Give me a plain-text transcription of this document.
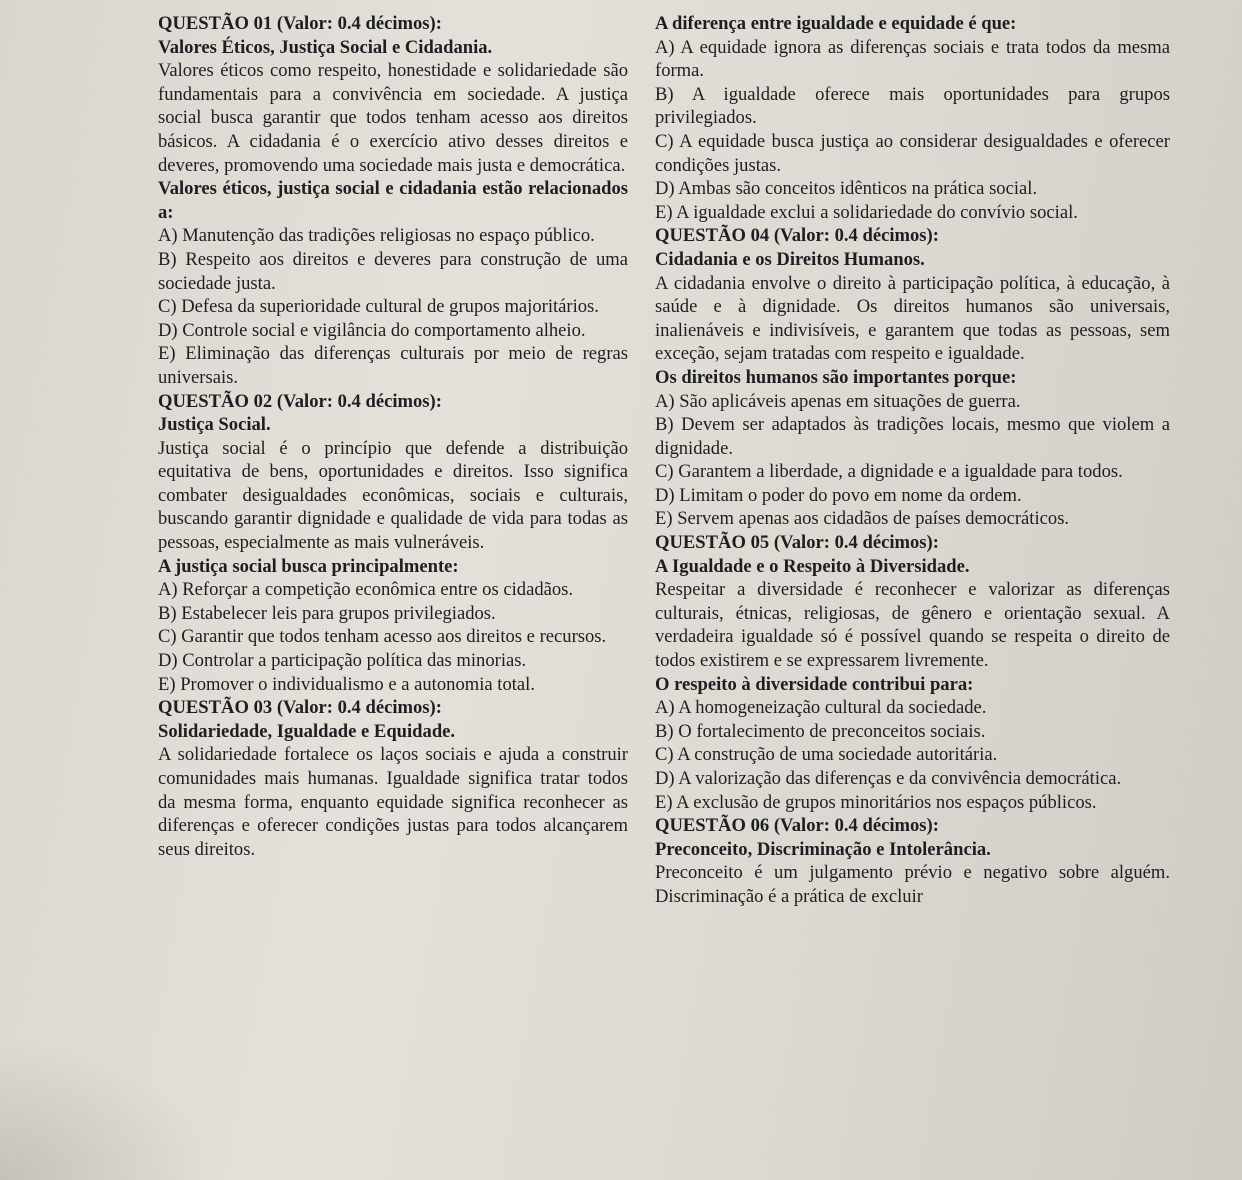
QUESTÃO 01 (Valor: 0.4 décimos):

Valores Éticos, Justiça Social e Cidadania.

Valores éticos como respeito, honestidade e solidariedade são fundamentais para a convivência em sociedade. A justiça social busca garantir que todos tenham acesso aos direitos básicos. A cidadania é o exercício ativo desses direitos e deveres, promovendo uma sociedade mais justa e democrática.

Valores éticos, justiça social e cidadania estão relacionados a:

A) Manutenção das tradições religiosas no espaço público.

B) Respeito aos direitos e deveres para construção de uma sociedade justa.

C) Defesa da superioridade cultural de grupos majoritários.

D) Controle social e vigilância do comportamento alheio.

E) Eliminação das diferenças culturais por meio de regras universais.

QUESTÃO 02 (Valor: 0.4 décimos):

Justiça Social.

Justiça social é o princípio que defende a distribuição equitativa de bens, oportunidades e direitos. Isso significa combater desigualdades econômicas, sociais e culturais, buscando garantir dignidade e qualidade de vida para todas as pessoas, especialmente as mais vulneráveis.

A justiça social busca principalmente:

A) Reforçar a competição econômica entre os cidadãos.

B) Estabelecer leis para grupos privilegiados.

C) Garantir que todos tenham acesso aos direitos e recursos.

D) Controlar a participação política das minorias.

E) Promover o individualismo e a autonomia total.

QUESTÃO 03 (Valor: 0.4 décimos):

Solidariedade, Igualdade e Equidade.

A solidariedade fortalece os laços sociais e ajuda a construir comunidades mais humanas. Igualdade significa tratar todos da mesma forma, enquanto equidade significa reconhecer as diferenças e oferecer condições justas para todos alcançarem seus direitos.

A diferença entre igualdade e equidade é que:

A) A equidade ignora as diferenças sociais e trata todos da mesma forma.

B) A igualdade oferece mais oportunidades para grupos privilegiados.

C) A equidade busca justiça ao considerar desigualdades e oferecer condições justas.

D) Ambas são conceitos idênticos na prática social.

E) A igualdade exclui a solidariedade do convívio social.

QUESTÃO 04 (Valor: 0.4 décimos):

Cidadania e os Direitos Humanos.

A cidadania envolve o direito à participação política, à educação, à saúde e à dignidade. Os direitos humanos são universais, inalienáveis e indivisíveis, e garantem que todas as pessoas, sem exceção, sejam tratadas com respeito e igualdade.

Os direitos humanos são importantes porque:

A) São aplicáveis apenas em situações de guerra.

B) Devem ser adaptados às tradições locais, mesmo que violem a dignidade.

C) Garantem a liberdade, a dignidade e a igualdade para todos.

D) Limitam o poder do povo em nome da ordem.

E) Servem apenas aos cidadãos de países democráticos.

QUESTÃO 05 (Valor: 0.4 décimos):

A Igualdade e o Respeito à Diversidade.

Respeitar a diversidade é reconhecer e valorizar as diferenças culturais, étnicas, religiosas, de gênero e orientação sexual. A verdadeira igualdade só é possível quando se respeita o direito de todos existirem e se expressarem livremente.

O respeito à diversidade contribui para:

A) A homogeneização cultural da sociedade.

B) O fortalecimento de preconceitos sociais.

C) A construção de uma sociedade autoritária.

D) A valorização das diferenças e da convivência democrática.

E) A exclusão de grupos minoritários nos espaços públicos.

QUESTÃO 06 (Valor: 0.4 décimos):

Preconceito, Discriminação e Intolerância.

Preconceito é um julgamento prévio e negativo sobre alguém. Discriminação é a prática de excluir
